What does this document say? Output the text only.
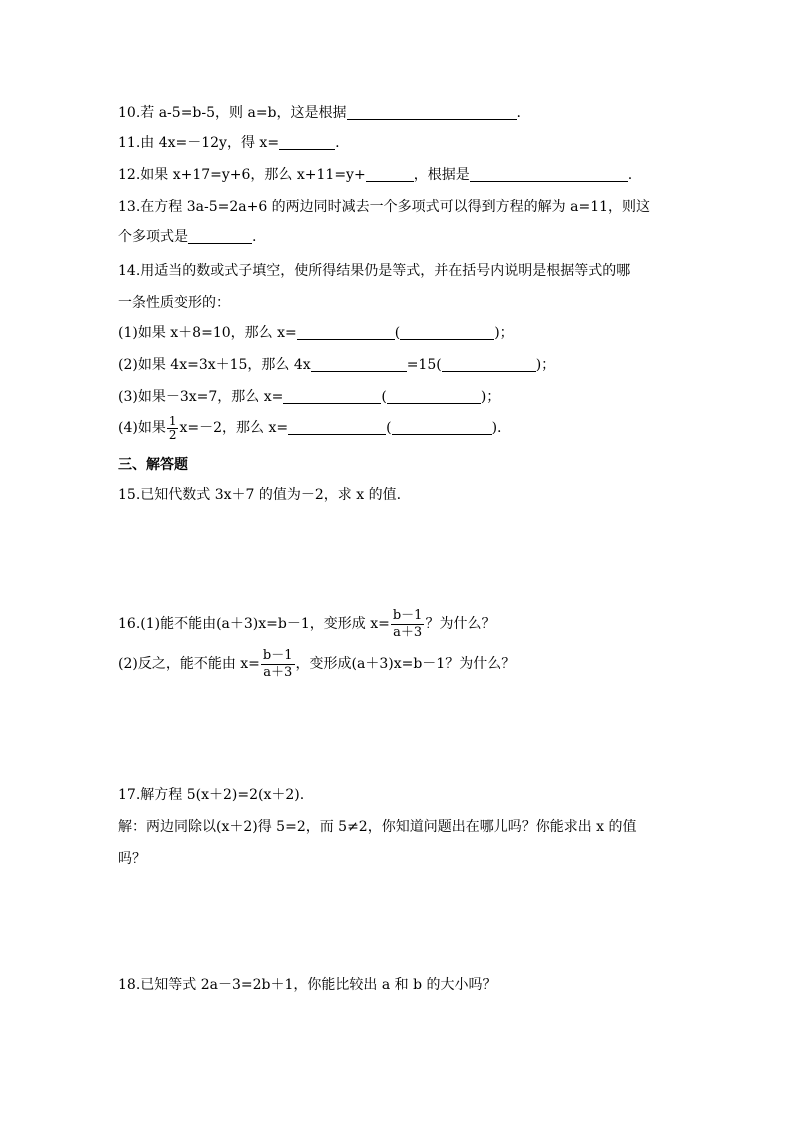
10.若 a-5=b-5，则 a=b，这是根据	.
11.由 4x=－12y，得 x=	.
12.如果 x+17=y+6，那么 x+11=y+	，根据是	.
13.在方程 3a-5=2a+6 的两边同时减去一个多项式可以得到方程的解为 a=11，则这
个多项式是	.
14.用适当的数或式子填空，使所得结果仍是等式，并在括号内说明是根据等式的哪
一条性质变形的：
(1)如果 x＋8=10，那么 x=	(	)；
(2)如果 4x=3x＋15，那么 4x	=15(	)；
(3)如果－3x=7，那么 x=	(	)；
(4)如果 $\frac{1}{2} x=-2$，那么 x=	(	).
三、解答题
15.已知代数式 3x＋7 的值为－2，求 x 的值.
16.(1)能不能由(a＋3)x=b－1，变形成 $x= \frac{b-1}{a+3}$ ？为什么？
(2)反之，能不能由 $x= \frac{b-1}{a+3}$ ，变形成(a＋3)x=b－1？为什么？
17.解方程 5(x＋2)=2(x＋2).
解：两边同除以(x＋2)得 5=2，而 5≠2，你知道问题出在哪儿吗？你能求出 x 的值
吗？
18.已知等式 2a－3=2b＋1，你能比较出 a 和 b 的大小吗？
